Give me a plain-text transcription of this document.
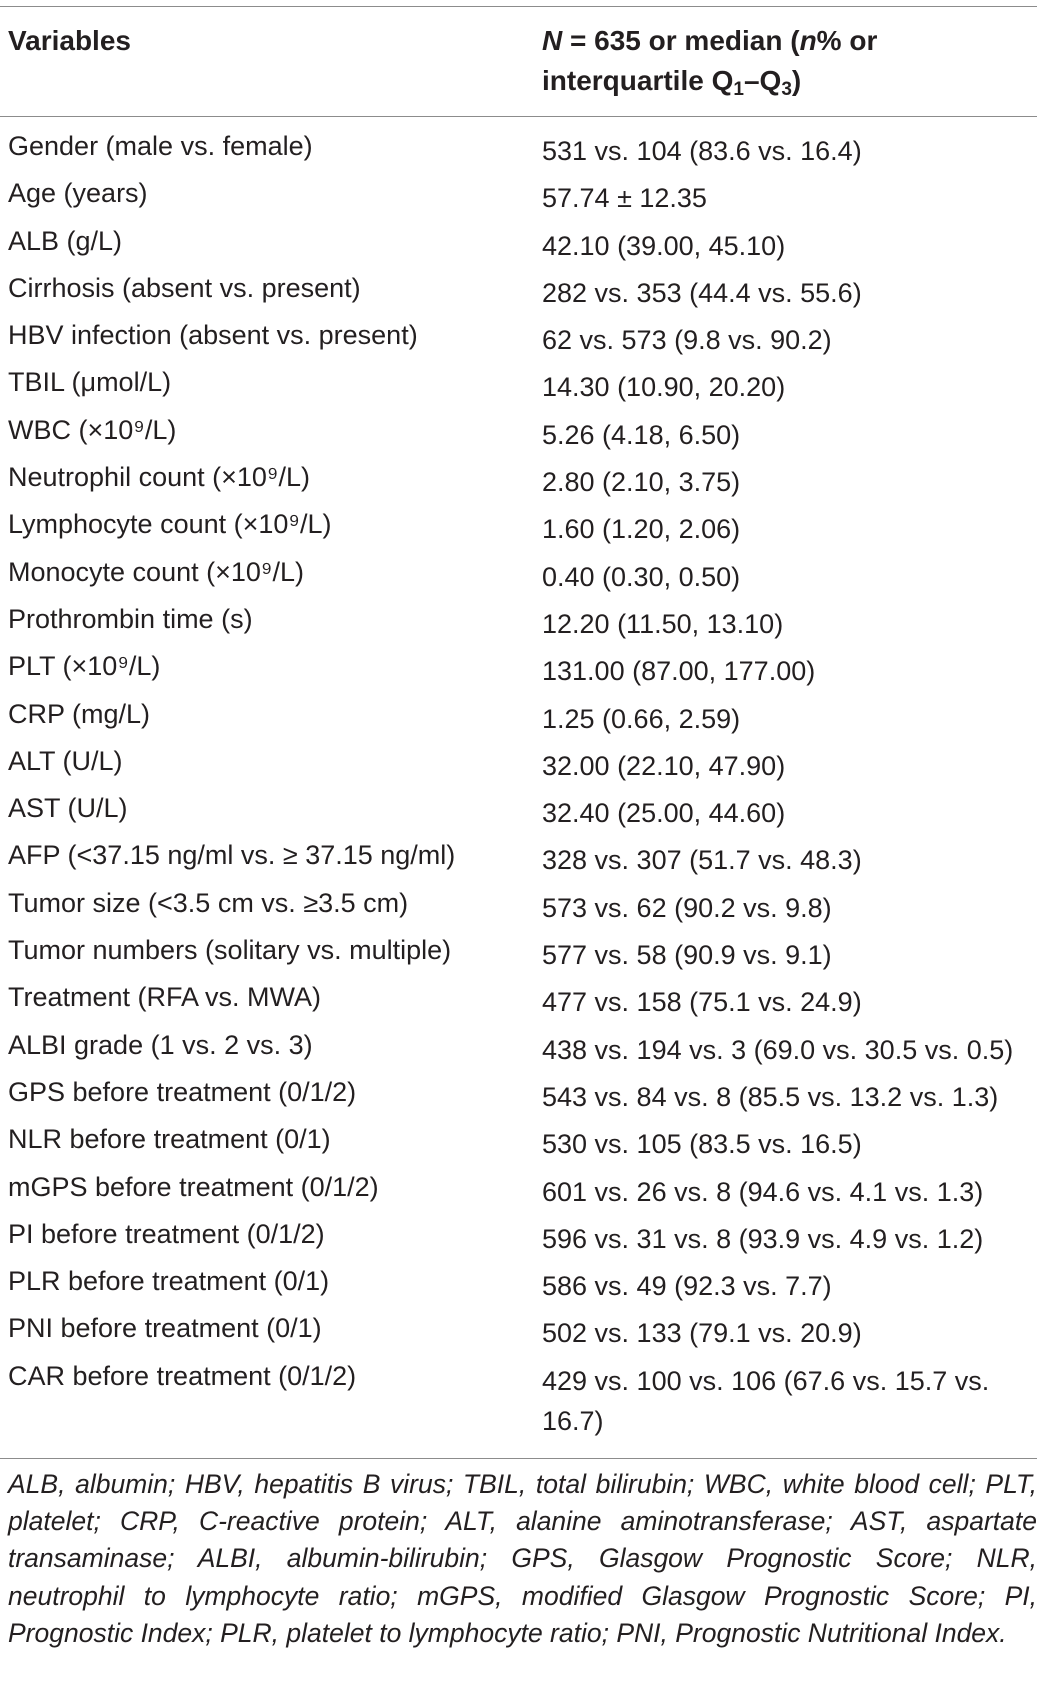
Variables	N = 635 or median (n% or
interquartile $Q_1-Q_3$)
Gender (male vs. female)	531 vs. 104 (83.6 vs. 16.4)
Age (years)	57.74 ± 12.35
ALB (g/L)	42.10 (39.00, 45.10)
Cirrhosis (absent vs. present)	282 vs. 353 (44.4 vs. 55.6)
HBV infection (absent vs. present)	62 vs. 573 (9.8 vs. 90.2)
TBIL (μmol/L)	14.30 (10.90, 20.20)
WBC (×10⁹/L)	5.26 (4.18, 6.50)
Neutrophil count (×10⁹/L)	2.80 (2.10, 3.75)
Lymphocyte count (×10⁹/L)	1.60 (1.20, 2.06)
Monocyte count (×10⁹/L)	0.40 (0.30, 0.50)
Prothrombin time (s)	12.20 (11.50, 13.10)
PLT (×10⁹/L)	131.00 (87.00, 177.00)
CRP (mg/L)	1.25 (0.66, 2.59)
ALT (U/L)	32.00 (22.10, 47.90)
AST (U/L)	32.40 (25.00, 44.60)
AFP (<37.15 ng/ml vs. ≥ 37.15 ng/ml)	328 vs. 307 (51.7 vs. 48.3)
Tumor size (<3.5 cm vs. ≥3.5 cm)	573 vs. 62 (90.2 vs. 9.8)
Tumor numbers (solitary vs. multiple)	577 vs. 58 (90.9 vs. 9.1)
Treatment (RFA vs. MWA)	477 vs. 158 (75.1 vs. 24.9)
ALBI grade (1 vs. 2 vs. 3)	438 vs. 194 vs. 3 (69.0 vs. 30.5 vs. 0.5)
GPS before treatment (0/1/2)	543 vs. 84 vs. 8 (85.5 vs. 13.2 vs. 1.3)
NLR before treatment (0/1)	530 vs. 105 (83.5 vs. 16.5)
mGPS before treatment (0/1/2)	601 vs. 26 vs. 8 (94.6 vs. 4.1 vs. 1.3)
PI before treatment (0/1/2)	596 vs. 31 vs. 8 (93.9 vs. 4.9 vs. 1.2)
PLR before treatment (0/1)	586 vs. 49 (92.3 vs. 7.7)
PNI before treatment (0/1)	502 vs. 133 (79.1 vs. 20.9)
CAR before treatment (0/1/2)	429 vs. 100 vs. 106 (67.6 vs. 15.7 vs. 16.7)
ALB, albumin; HBV, hepatitis B virus; TBIL, total bilirubin; WBC, white blood cell; PLT, platelet; CRP, C-reactive protein; ALT, alanine aminotransferase; AST, aspartate transaminase; ALBI, albumin-bilirubin; GPS, Glasgow Prognostic Score; NLR, neutrophil to lymphocyte ratio; mGPS, modified Glasgow Prognostic Score; PI, Prognostic Index; PLR, platelet to lymphocyte ratio; PNI, Prognostic Nutritional Index.
